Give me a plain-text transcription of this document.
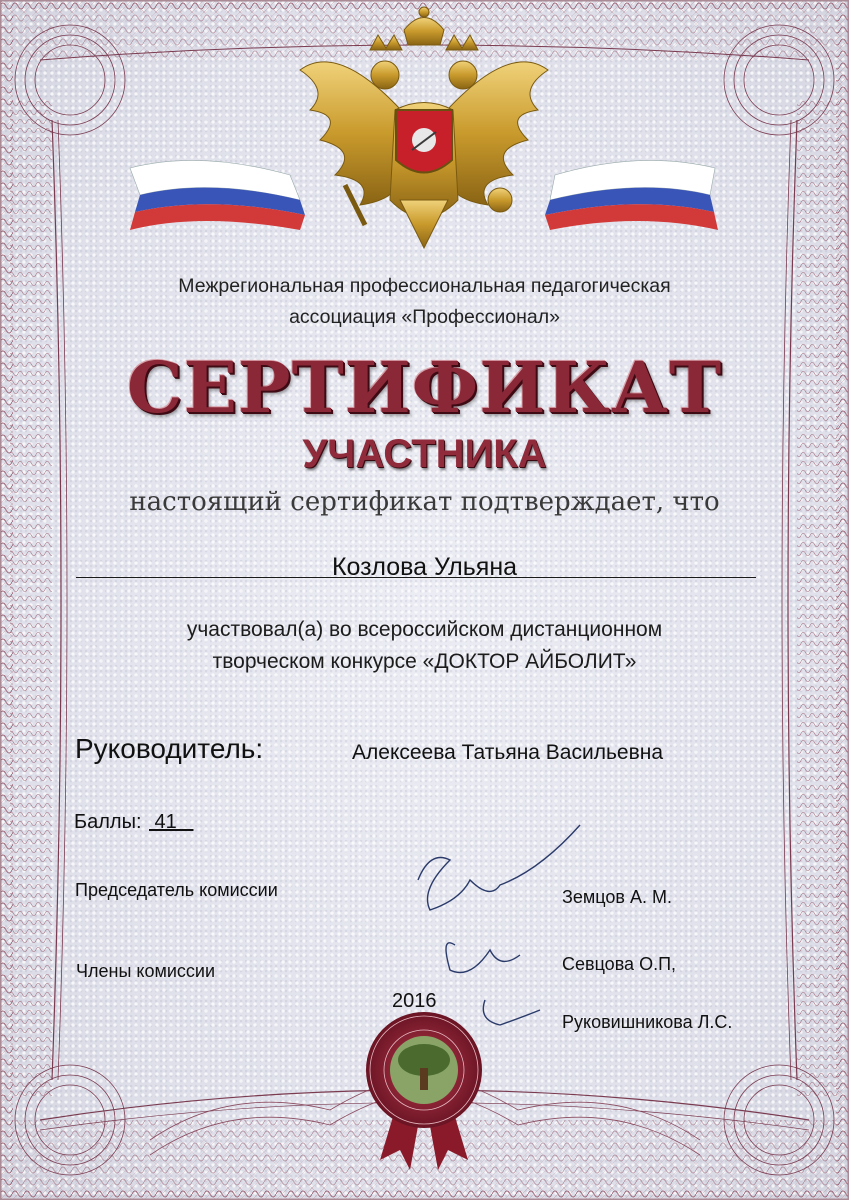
Межрегиональная профессиональная педагогическая
ассоциация «Профессионал»
СЕРТИФИКАТ
УЧАСТНИКА
настоящий сертификат подтверждает, что
Козлова Ульяна
участвовал(а) во всероссийском дистанционном
творческом конкурсе «ДОКТОР АЙБОЛИТ»
Руководитель:	Алексеева Татьяна Васильевна
Баллы: 41
Председатель комиссии
Члены комиссии
Земцов А. М.
Севцова О.П,
Руковишникова Л.С.
2016
